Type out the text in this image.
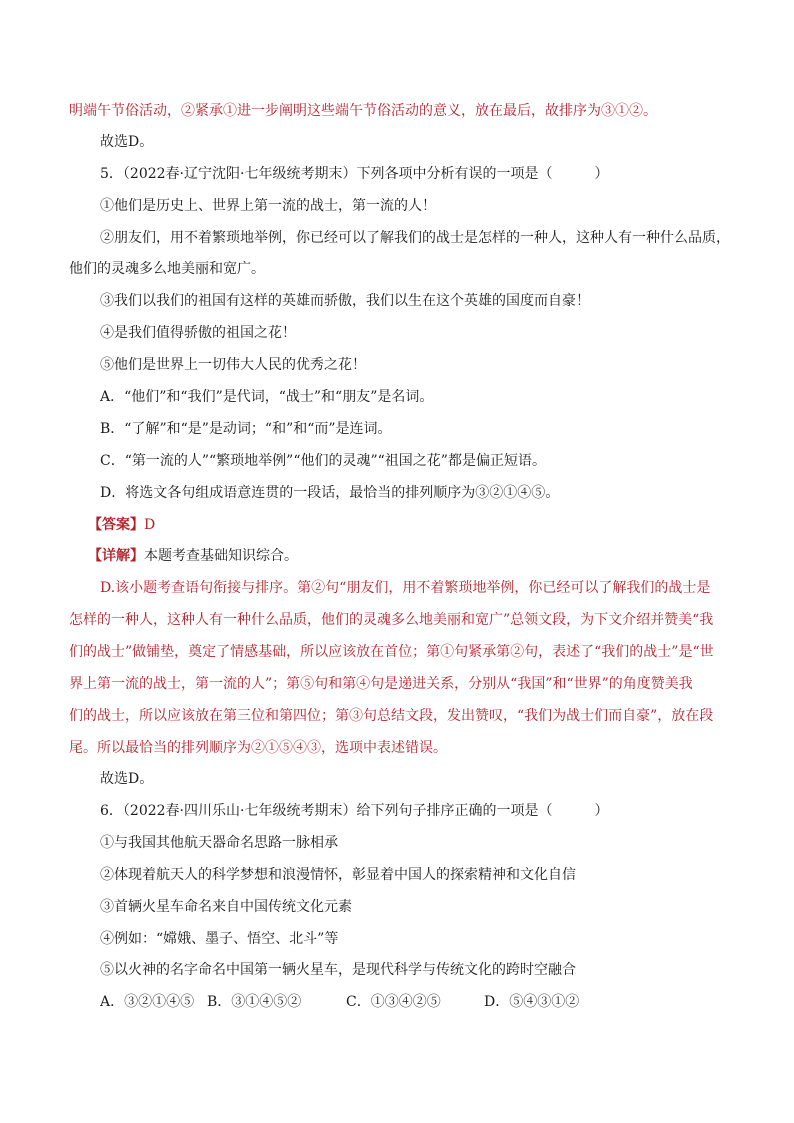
明端午节俗活动，②紧承①进一步阐明这些端午节俗活动的意义，放在最后，故排序为③①②。
故选D。
5．（2022春·辽宁沈阳·七年级统考期末）下列各项中分析有误的一项是（　　　）
①他们是历史上、世界上第一流的战士，第一流的人！
②朋友们，用不着繁琐地举例，你已经可以了解我们的战士是怎样的一种人，这种人有一种什么品质，
他们的灵魂多么地美丽和宽广。
③我们以我们的祖国有这样的英雄而骄傲，我们以生在这个英雄的国度而自豪！
④是我们值得骄傲的祖国之花！
⑤他们是世界上一切伟大人民的优秀之花！
A．“他们”和“我们”是代词，“战士”和“朋友”是名词。
B．“了解”和“是”是动词；“和”和“而”是连词。
C．“第一流的人”“繁琐地举例”“他们的灵魂”“祖国之花”都是偏正短语。
D．将选文各句组成语意连贯的一段话，最恰当的排列顺序为③②①④⑤。
【答案】D
【详解】本题考查基础知识综合。
D.该小题考查语句衔接与排序。第②句“朋友们，用不着繁琐地举例，你已经可以了解我们的战士是
怎样的一种人，这种人有一种什么品质，他们的灵魂多么地美丽和宽广”总领文段，为下文介绍并赞美“我
们的战士”做铺垫，奠定了情感基础，所以应该放在首位；第①句紧承第②句，表述了“我们的战士”是“世
界上第一流的战士，第一流的人”；第⑤句和第④句是递进关系，分别从“我国”和“世界”的角度赞美我
们的战士，所以应该放在第三位和第四位；第③句总结文段，发出赞叹，“我们为战士们而自豪”，放在段
尾。所以最恰当的排列顺序为②①⑤④③，选项中表述错误。
故选D。
6．（2022春·四川乐山·七年级统考期末）给下列句子排序正确的一项是（　　　）
①与我国其他航天器命名思路一脉相承
②体现着航天人的科学梦想和浪漫情怀，彰显着中国人的探索精神和文化自信
③首辆火星车命名来自中国传统文化元素
④例如：“嫦娥、墨子、悟空、北斗”等
⑤以火神的名字命名中国第一辆火星车，是现代科学与传统文化的跨时空融合
A．③②①④⑤ B．③①④⑤②	C．①③④②⑤	D．⑤④③①②
